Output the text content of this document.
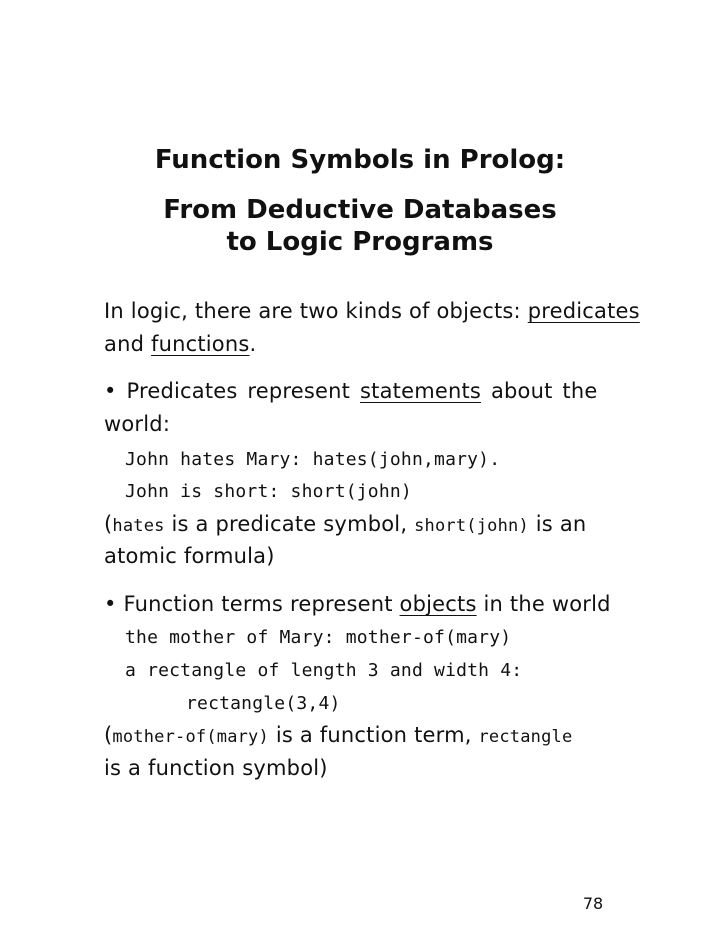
Function Symbols in Prolog:
From Deductive Databases
to Logic Programs
In logic, there are two kinds of objects: predicates
and functions.
• Predicates represent statements about the
world:
John hates Mary: hates(john,mary).
John is short: short(john)
(hates is a predicate symbol, short(john) is an
atomic formula)
• Function terms represent objects in the world
the mother of Mary: mother-of(mary)
a rectangle of length 3 and width 4:
rectangle(3,4)
(mother-of(mary) is a function term, rectangle
is a function symbol)
78
